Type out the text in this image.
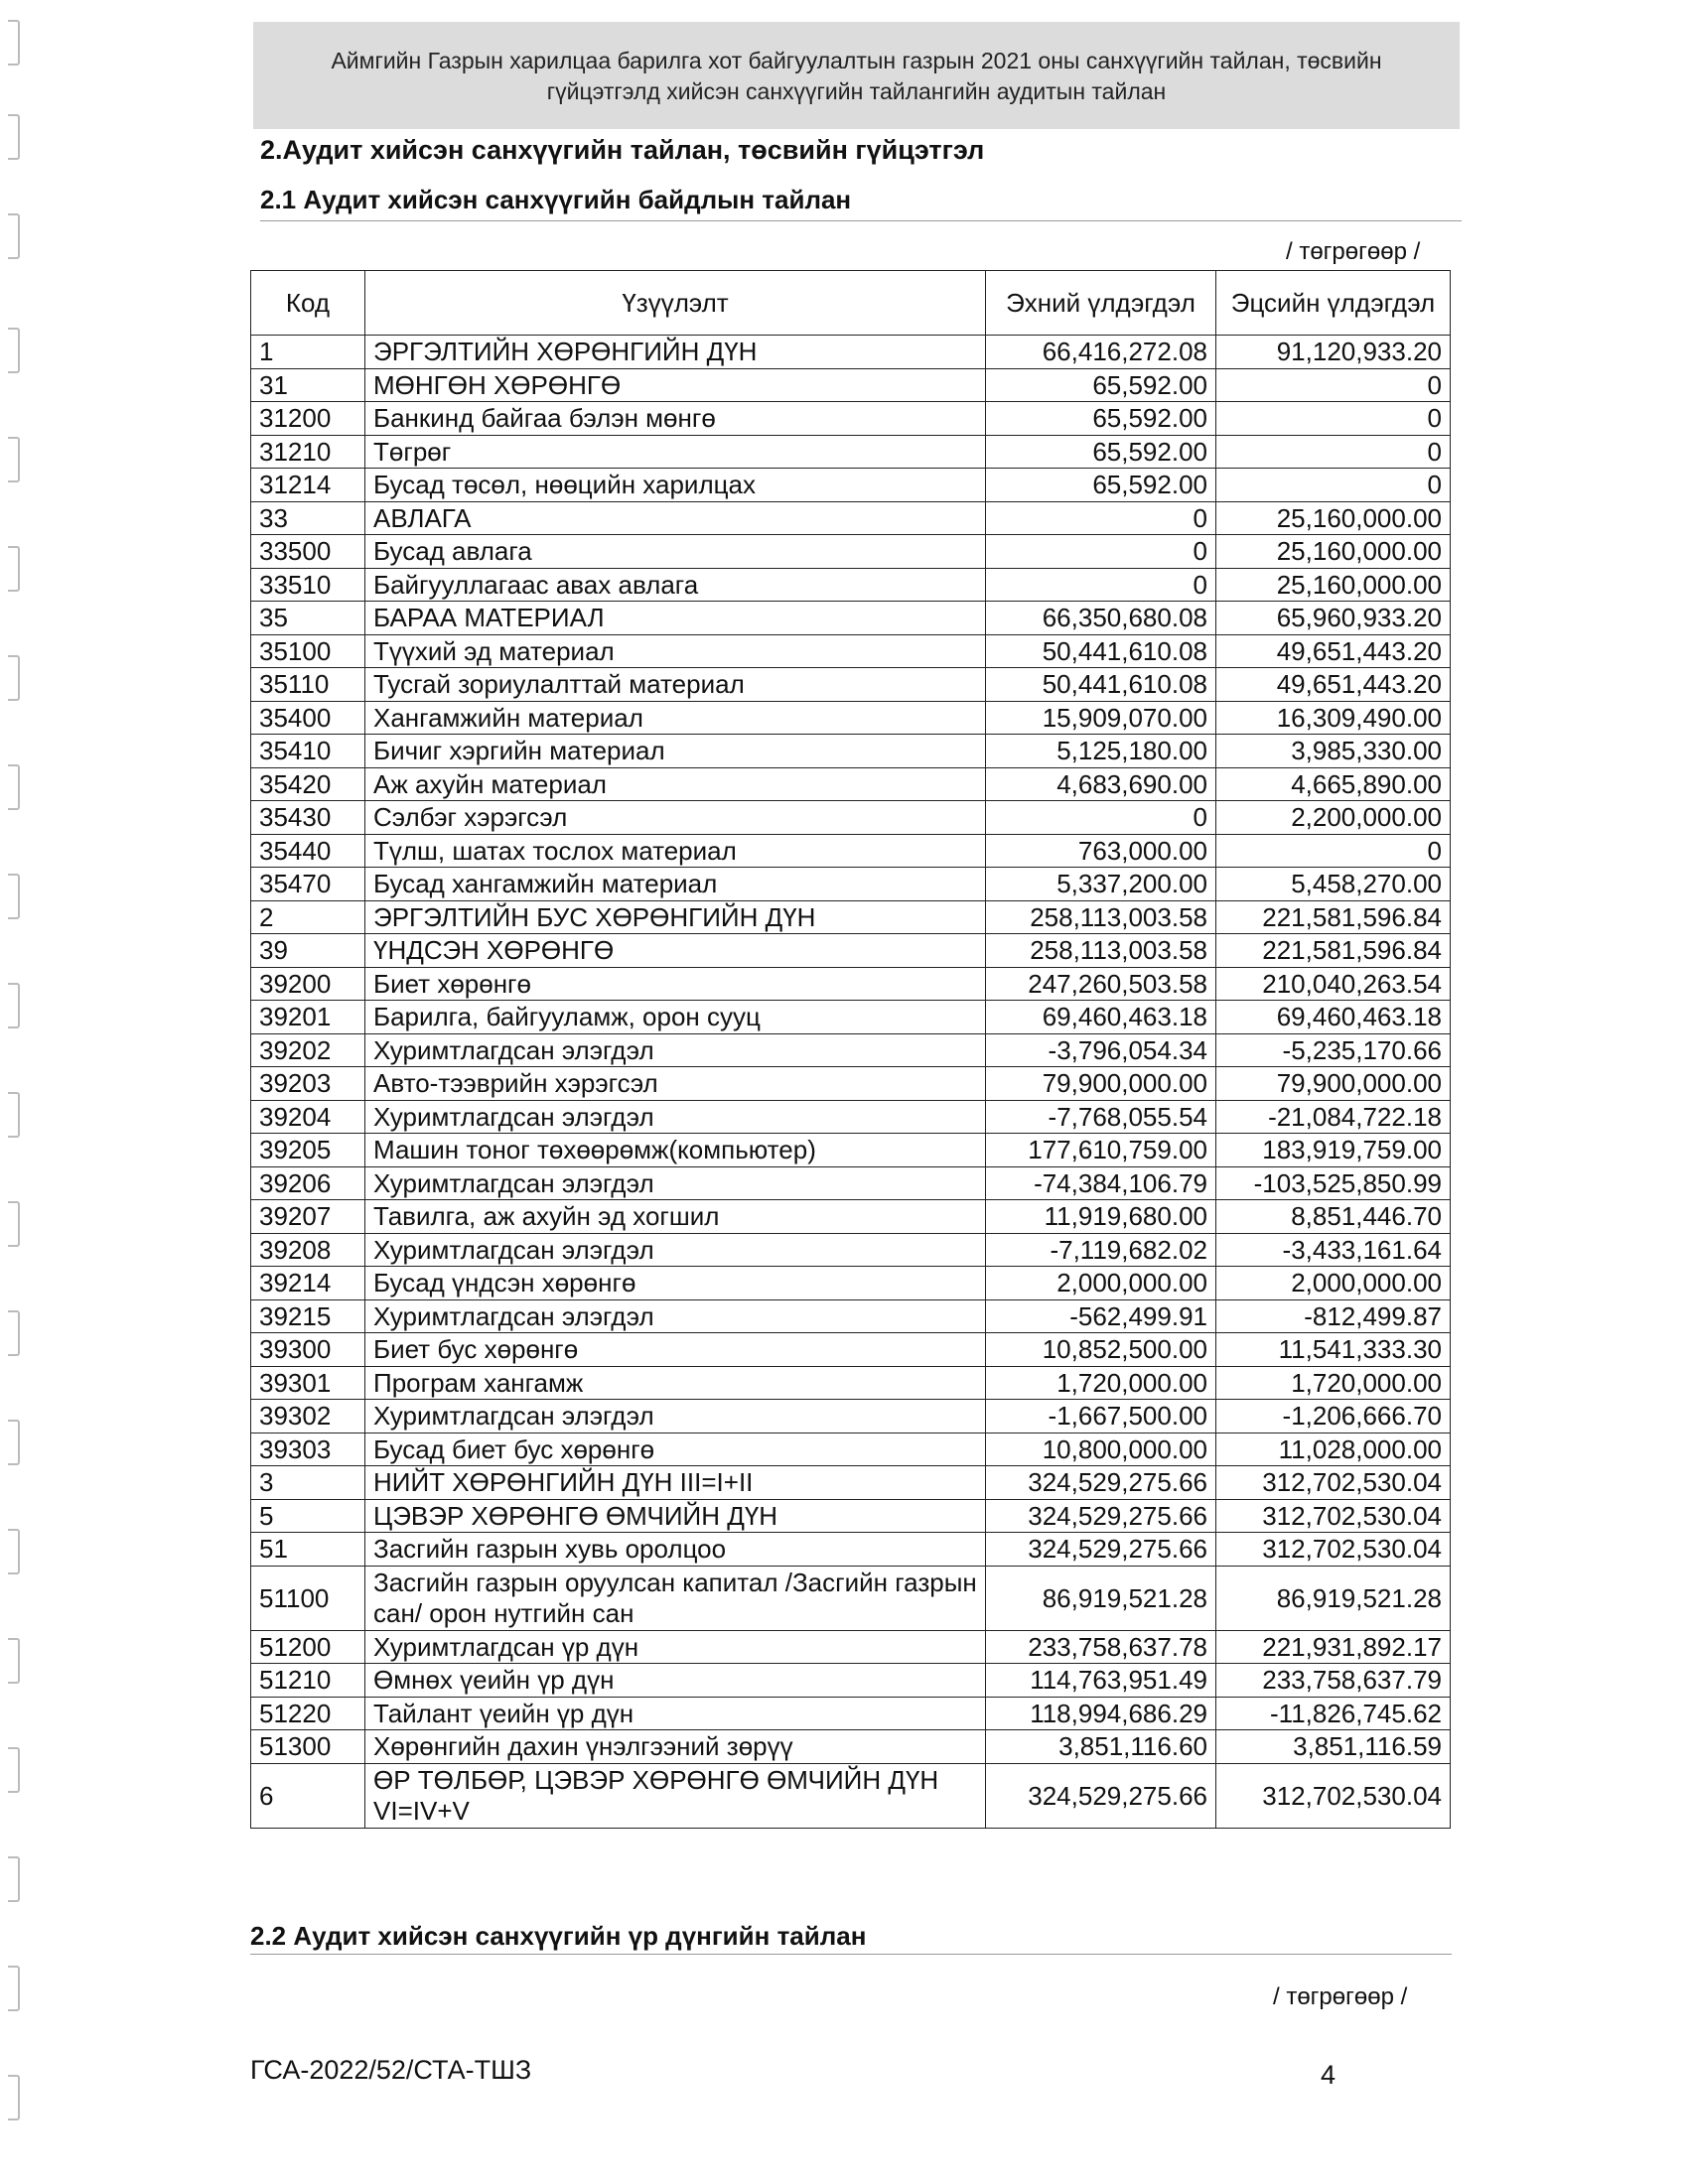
Аймгийн Газрын харилцаа барилга хот байгуулалтын газрын 2021 оны санхүүгийн тайлан, төсвийн
гүйцэтгэлд хийсэн санхүүгийн тайлангийн аудитын тайлан
2.Аудит хийсэн санхүүгийн тайлан, төсвийн гүйцэтгэл
2.1 Аудит хийсэн санхүүгийн байдлын тайлан
/ төгрөгөөр /
Код	Үзүүлэлт	Эхний үлдэгдэл	Эцсийн үлдэгдэл
1	ЭРГЭЛТИЙН ХӨРӨНГИЙН ДҮН	66,416,272.08	91,120,933.20
31	МӨНГӨН ХӨРӨНГӨ	65,592.00	0
31200	Банкинд байгаа бэлэн мөнгө	65,592.00	0
31210	Төгрөг	65,592.00	0
31214	Бусад төсөл, нөөцийн харилцах	65,592.00	0
33	АВЛАГА	0	25,160,000.00
33500	Бусад авлага	0	25,160,000.00
33510	Байгууллагаас авах авлага	0	25,160,000.00
35	БАРАА МАТЕРИАЛ	66,350,680.08	65,960,933.20
35100	Түүхий эд материал	50,441,610.08	49,651,443.20
35110	Тусгай зориулалттай материал	50,441,610.08	49,651,443.20
35400	Хангамжийн материал	15,909,070.00	16,309,490.00
35410	Бичиг хэргийн материал	5,125,180.00	3,985,330.00
35420	Аж ахуйн материал	4,683,690.00	4,665,890.00
35430	Сэлбэг хэрэгсэл	0	2,200,000.00
35440	Түлш, шатах тослох материал	763,000.00	0
35470	Бусад хангамжийн материал	5,337,200.00	5,458,270.00
2	ЭРГЭЛТИЙН БУС ХӨРӨНГИЙН ДҮН	258,113,003.58	221,581,596.84
39	ҮНДСЭН ХӨРӨНГӨ	258,113,003.58	221,581,596.84
39200	Биет хөрөнгө	247,260,503.58	210,040,263.54
39201	Барилга, байгууламж, орон сууц	69,460,463.18	69,460,463.18
39202	Хуримтлагдсан элэгдэл	-3,796,054.34	-5,235,170.66
39203	Авто-тээврийн хэрэгсэл	79,900,000.00	79,900,000.00
39204	Хуримтлагдсан элэгдэл	-7,768,055.54	-21,084,722.18
39205	Машин тоног төхөөрөмж(компьютер)	177,610,759.00	183,919,759.00
39206	Хуримтлагдсан элэгдэл	-74,384,106.79	-103,525,850.99
39207	Тавилга, аж ахуйн эд хогшил	11,919,680.00	8,851,446.70
39208	Хуримтлагдсан элэгдэл	-7,119,682.02	-3,433,161.64
39214	Бусад үндсэн хөрөнгө	2,000,000.00	2,000,000.00
39215	Хуримтлагдсан элэгдэл	-562,499.91	-812,499.87
39300	Биет бус хөрөнгө	10,852,500.00	11,541,333.30
39301	Програм хангамж	1,720,000.00	1,720,000.00
39302	Хуримтлагдсан элэгдэл	-1,667,500.00	-1,206,666.70
39303	Бусад биет бус хөрөнгө	10,800,000.00	11,028,000.00
3	НИЙТ ХӨРӨНГИЙН ДҮН III=I+II	324,529,275.66	312,702,530.04
5	ЦЭВЭР ХӨРӨНГӨ ӨМЧИЙН ДҮН	324,529,275.66	312,702,530.04
51	Засгийн газрын хувь оролцоо	324,529,275.66	312,702,530.04
51100	Засгийн газрын оруулсан капитал /Засгийн газрын сан/ орон нутгийн сан	86,919,521.28	86,919,521.28
51200	Хуримтлагдсан үр дүн	233,758,637.78	221,931,892.17
51210	Өмнөх үеийн үр дүн	114,763,951.49	233,758,637.79
51220	Тайлант үеийн үр дүн	118,994,686.29	-11,826,745.62
51300	Хөрөнгийн дахин үнэлгээний зөрүү	3,851,116.60	3,851,116.59
6	ӨР ТӨЛБӨР, ЦЭВЭР ХӨРӨНГӨ ӨМЧИЙН ДҮН VI=IV+V	324,529,275.66	312,702,530.04
2.2 Аудит хийсэн санхүүгийн үр дүнгийн тайлан
/ төгрөгөөр /
ГСА-2022/52/СТА-ТШЗ	4
